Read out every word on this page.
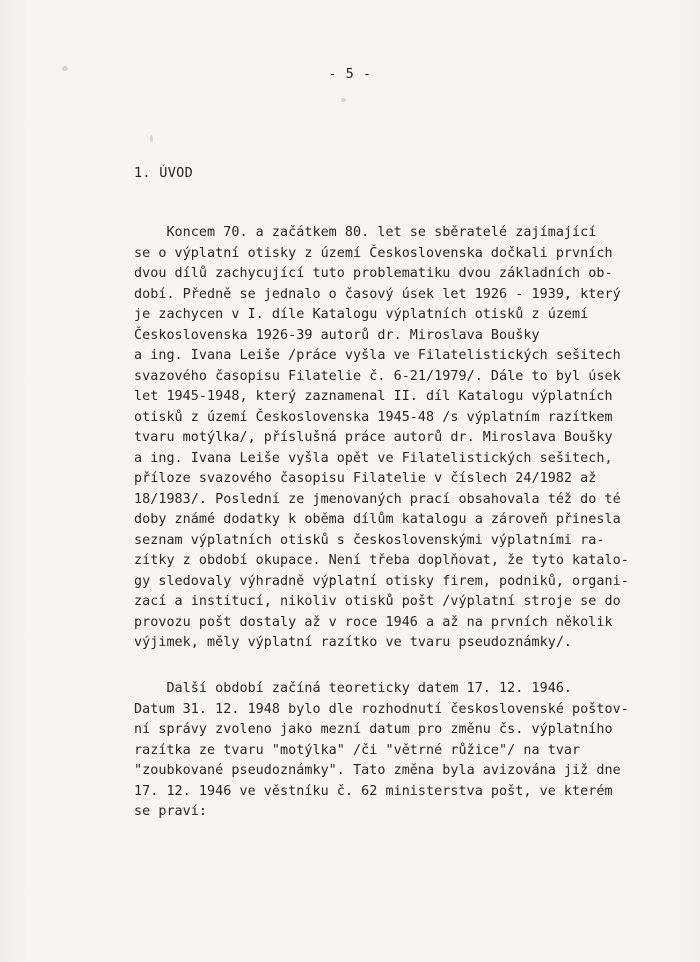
- 5 -
1. ÚVOD
Koncem 70. a začátkem 80. let se sběratelé zajímající
se o výplatní otisky z území Československa dočkali prvních
dvou dílů zachycující tuto problematiku dvou základních ob-
dobí. Předně se jednalo o časový úsek let 1926 - 1939, který
je zachycen v I. díle Katalogu výplatních otisků z území
Československa 1926-39 autorů dr. Miroslava Boušky
a ing. Ivana Leiše /práce vyšla ve Filatelistických sešitech
svazového časopisu Filatelie č. 6-21/1979/. Dále to byl úsek
let 1945-1948, který zaznamenal II. díl Katalogu výplatních
otisků z území Československa 1945-48 /s výplatním razítkem
tvaru motýlka/, příslušná práce autorů dr. Miroslava Boušky
a ing. Ivana Leiše vyšla opět ve Filatelistických sešitech,
příloze svazového časopisu Filatelie v číslech 24/1982 až
18/1983/. Poslední ze jmenovaných prací obsahovala též do té
doby známé dodatky k oběma dílům katalogu a zároveň přinesla
seznam výplatních otisků s československými výplatními ra-
zítky z období okupace. Není třeba doplňovat, že tyto katalo-
gy sledovaly výhradně výplatní otisky firem, podniků, organi-
zací a institucí, nikoliv otisků pošt /výplatní stroje se do
provozu pošt dostaly až v roce 1946 a až na prvních několik
výjimek, měly výplatní razítko ve tvaru pseudoznámky/.
Další období začíná teoreticky datem 17. 12. 1946.
Datum 31. 12. 1948 bylo dle rozhodnutí československé poštov-
ní správy zvoleno jako mezní datum pro změnu čs. výplatního
razítka ze tvaru "motýlka" /či "větrné růžice"/ na tvar
"zoubkované pseudoznámky". Tato změna byla avizována již dne
17. 12. 1946 ve věstníku č. 62 ministerstva pošt, ve kterém
se praví:
